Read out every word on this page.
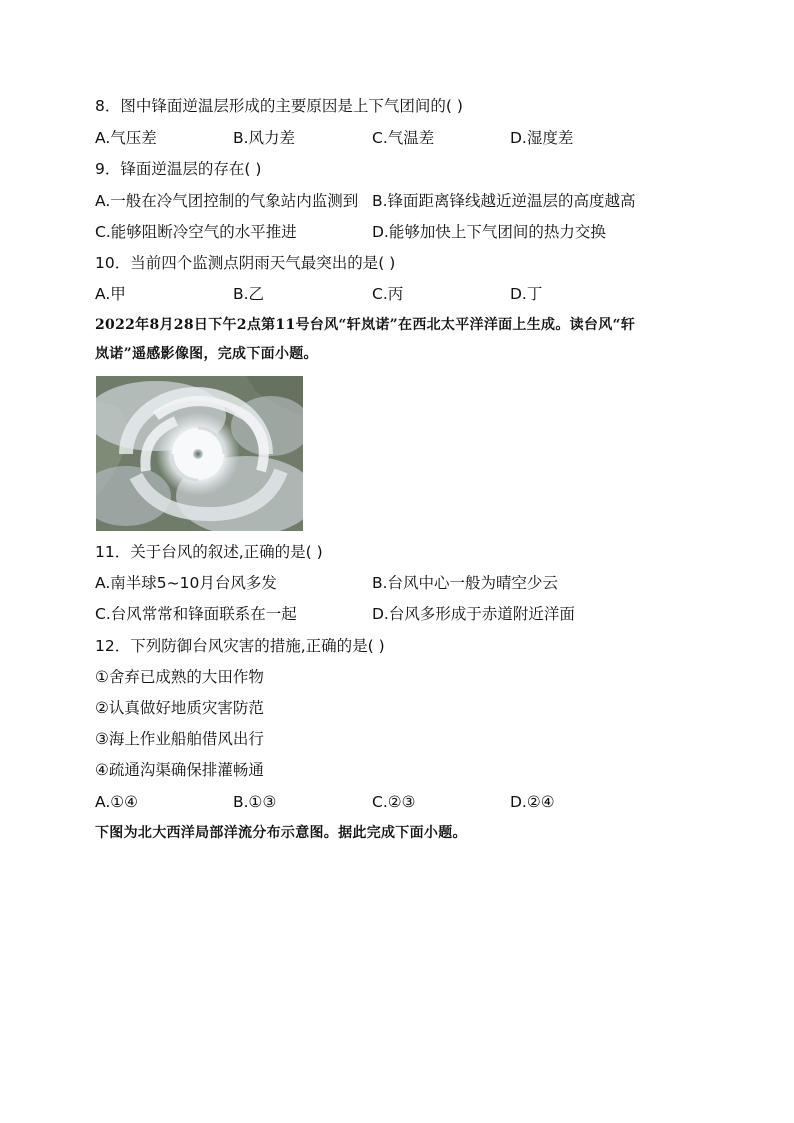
8．图中锋面逆温层形成的主要原因是上下气团间的( )
A.气压差	B.风力差	C.气温差	D.湿度差
9．锋面逆温层的存在( )
A.一般在冷气团控制的气象站内监测到 B.锋面距离锋线越近逆温层的高度越高
C.能够阻断冷空气的水平推进	D.能够加快上下气团间的热力交换
10．当前四个监测点阴雨天气最突出的是( )
A.甲	B.乙	C.丙	D.丁
2022年8月28日下午2点第11号台风“轩岚诺”在西北太平洋洋面上生成。读台风“轩
岚诺”遥感影像图，完成下面小题。
11．关于台风的叙述,正确的是( )
A.南半球5~10月台风多发	B.台风中心一般为晴空少云
C.台风常常和锋面联系在一起	D.台风多形成于赤道附近洋面
12．下列防御台风灾害的措施,正确的是( )
①舍弃已成熟的大田作物
②认真做好地质灾害防范
③海上作业船舶借风出行
④疏通沟渠确保排灌畅通
A.①④	B.①③	C.②③	D.②④
下图为北大西洋局部洋流分布示意图。据此完成下面小题。
